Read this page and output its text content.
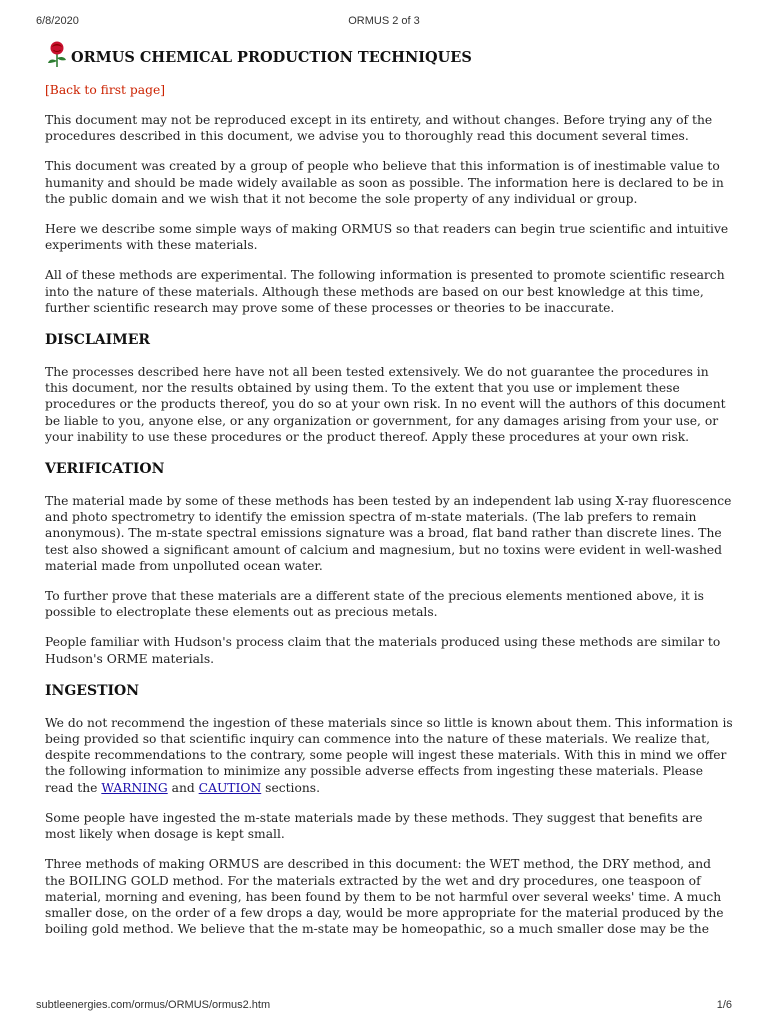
6/8/2020	ORMUS 2 of 3
ORMUS CHEMICAL PRODUCTION TECHNIQUES
[Back to first page]

This document may not be reproduced except in its entirety, and without changes. Before trying any of the procedures described in this document, we advise you to thoroughly read this document several times.

This document was created by a group of people who believe that this information is of inestimable value to humanity and should be made widely available as soon as possible. The information here is declared to be in the public domain and we wish that it not become the sole property of any individual or group.

Here we describe some simple ways of making ORMUS so that readers can begin true scientific and intuitive experiments with these materials.

All of these methods are experimental. The following information is presented to promote scientific research into the nature of these materials. Although these methods are based on our best knowledge at this time, further scientific research may prove some of these processes or theories to be inaccurate.

DISCLAIMER

The processes described here have not all been tested extensively. We do not guarantee the procedures in this document, nor the results obtained by using them. To the extent that you use or implement these procedures or the products thereof, you do so at your own risk. In no event will the authors of this document be liable to you, anyone else, or any organization or government, for any damages arising from your use, or your inability to use these procedures or the product thereof. Apply these procedures at your own risk.

VERIFICATION

The material made by some of these methods has been tested by an independent lab using X-ray fluorescence and photo spectrometry to identify the emission spectra of m-state materials. (The lab prefers to remain anonymous). The m-state spectral emissions signature was a broad, flat band rather than discrete lines. The test also showed a significant amount of calcium and magnesium, but no toxins were evident in well-washed material made from unpolluted ocean water.

To further prove that these materials are a different state of the precious elements mentioned above, it is possible to electroplate these elements out as precious metals.

People familiar with Hudson's process claim that the materials produced using these methods are similar to Hudson's ORME materials.

INGESTION

We do not recommend the ingestion of these materials since so little is known about them. This information is being provided so that scientific inquiry can commence into the nature of these materials. We realize that, despite recommendations to the contrary, some people will ingest these materials. With this in mind we offer the following information to minimize any possible adverse effects from ingesting these materials. Please read the WARNING and CAUTION sections.

Some people have ingested the m-state materials made by these methods. They suggest that benefits are most likely when dosage is kept small.

Three methods of making ORMUS are described in this document: the WET method, the DRY method, and the BOILING GOLD method. For the materials extracted by the wet and dry procedures, one teaspoon of material, morning and evening, has been found by them to be not harmful over several weeks' time. A much smaller dose, on the order of a few drops a day, would be more appropriate for the material produced by the boiling gold method. We believe that the m-state may be homeopathic, so a much smaller dose may be the

subtleenergies.com/ormus/ORMUS/ormus2.htm	1/6
